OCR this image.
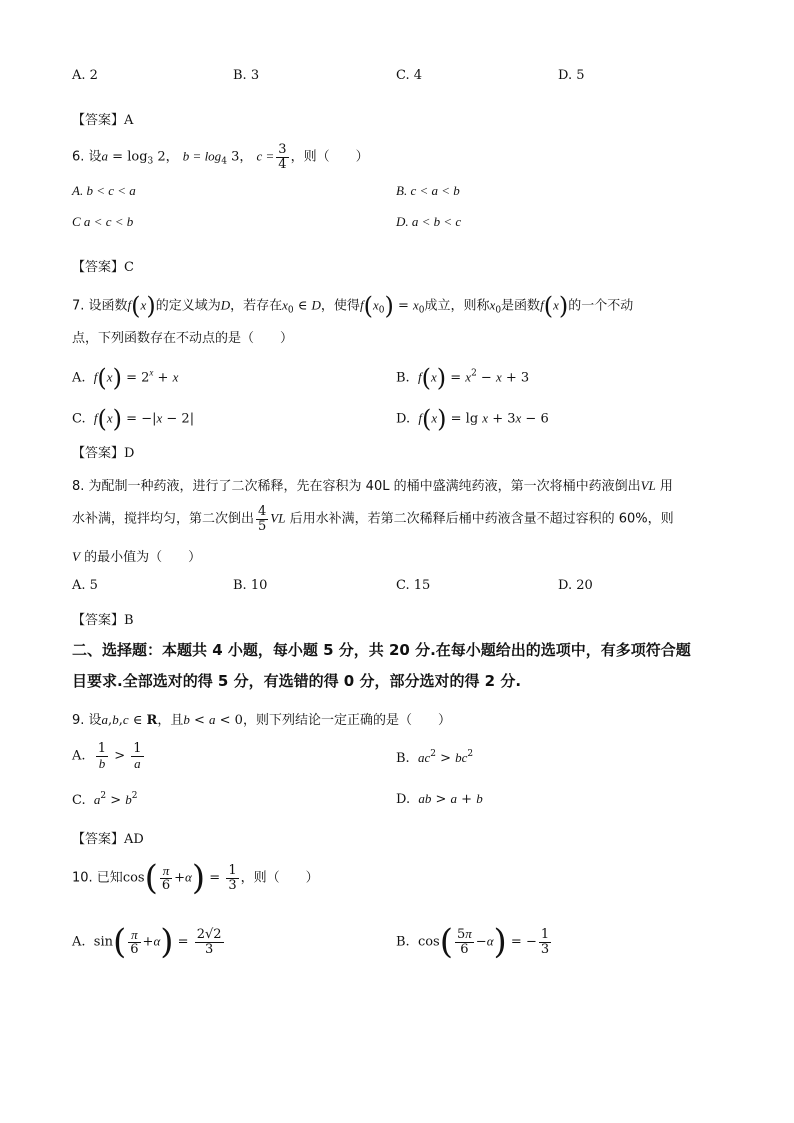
A. 2	B. 3	C. 4	D. 5
【答案】A
6. 设$a = \log_3 2$， $b = \log_4 3$， $c = \frac{3}{4}$ ，则（　　）
A. b < c < a	B. c < a < b
C a < c < b	D. a < b < c
【答案】C
7. 设函数f(x)的定义域为D，若存在$x_0$ ∈ D，使得$f(x_0) = x_0$成立，则称$x_0$是函数f(x)的一个不动
点，下列函数存在不动点的是（　　）
A. $f(x) = 2^x + x$	B. $f(x) = x^2 - x + 3$
C. f(x) = −|x − 2|	D. f(x) = lg x + 3x − 6
【答案】D
8. 为配制一种药液，进行了二次稀释，先在容积为 40L 的桶中盛满纯药液，第一次将桶中药液倒出VL 用
水补满，搅拌均匀，第二次倒出 $\frac{4}{5}$ VL 后用水补满，若第二次稀释后桶中药液含量不超过容积的 60%，则
V 的最小值为（　　）
A. 5	B. 10	C. 15	D. 20
【答案】B
二、选择题：本题共 4 小题，每小题 5 分，共 20 分.在每小题给出的选项中，有多项符合题
目要求.全部选对的得 5 分，有选错的得 0 分，部分选对的得 2 分.
9. 设a,b,c ∈ R，且b < a < 0，则下列结论一定正确的是（　　）
A. $\frac{1}{b} > \frac{1}{a}$	B. $ac^2 > bc^2$
C. $a^2 > b^2$	D. ab > a + b
【答案】AD
10. 已知$\cos( \frac{\pi}{6} +\alpha) = \frac{1}{3}$ ，则（　　）
A.  $\sin( \frac{\pi}{6} +\alpha) = \frac{2√2}{3}$	B.  $\cos( \frac{5\pi}{6} -\alpha)$ = − $\frac{1}{3}$
